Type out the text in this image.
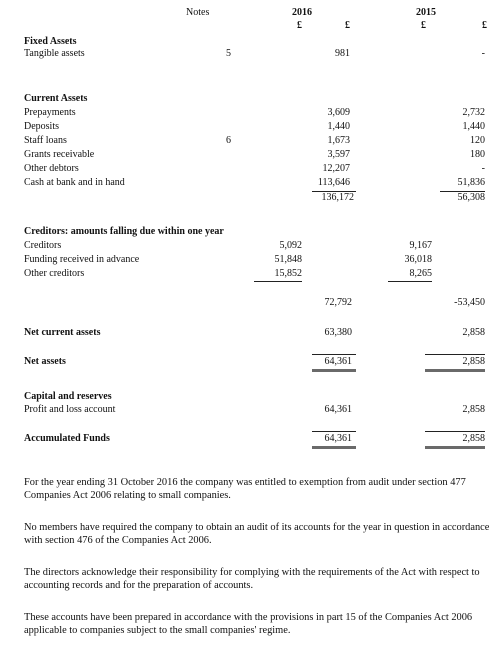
Notes	2016	2015
£	£	£	£
Fixed Assets
Tangible assets	5	981	-
Current Assets
Prepayments	3,609	2,732
Deposits	1,440	1,440
Staff loans	6	1,673	120
Grants receivable	3,597	180
Other debtors	12,207	-
Cash at bank and in hand	113,646	51,836
136,172	56,308
Creditors: amounts falling due within one year
Creditors	5,092	9,167
Funding received in advance	51,848	36,018
Other creditors	15,852	8,265
72,792	-53,450
Net current assets	63,380	2,858
Net assets	64,361	2,858
Capital and reserves
Profit and loss account	64,361	2,858
Accumulated Funds	64,361	2,858
For the year ending 31 October 2016 the company was entitled to exemption from audit under section 477
Companies Act 2006 relating to small companies.
No members have required the company to obtain an audit of its accounts for the year in question in accordance
with section 476 of the Companies Act 2006.
The directors acknowledge their responsibility for complying with the requirements of the Act with respect to
accounting records and for the preparation of accounts.
These accounts have been prepared in accordance with the provisions in part 15 of the Companies Act 2006
applicable to companies subject to the small companies' regime.
